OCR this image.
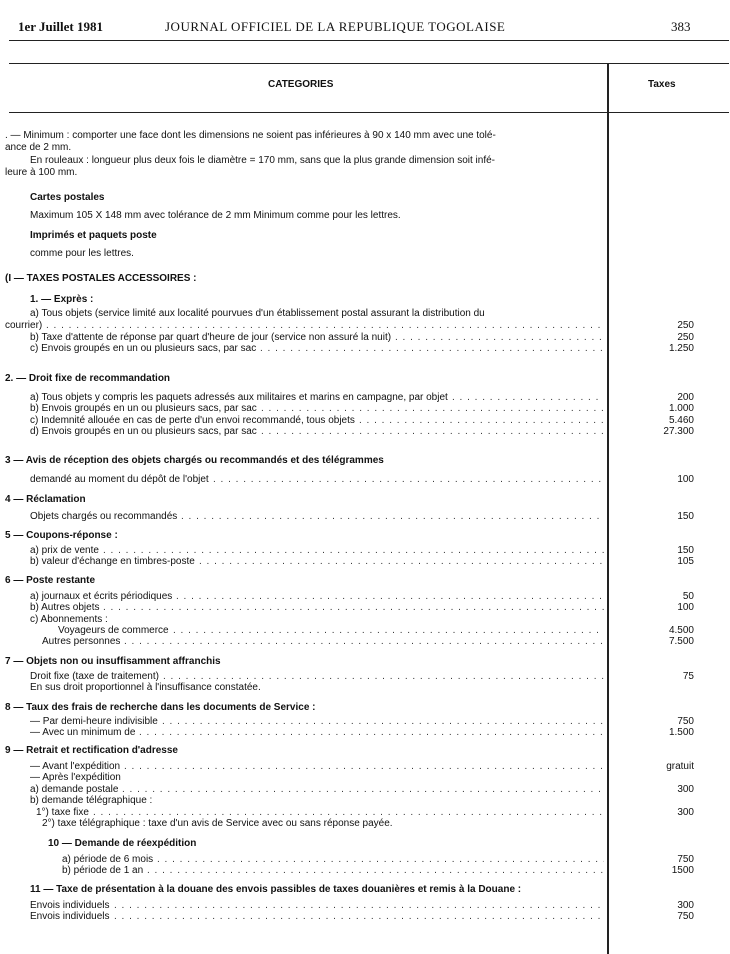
1er Juillet 1981	JOURNAL OFFICIEL DE LA REPUBLIQUE TOGOLAISE	383
CATEGORIES	Taxes
. — Minimum : comporter une face dont les dimensions ne soient pas inférieures à 90 x 140 mm avec une tolé-
ance de 2 mm.
En rouleaux : longueur plus deux fois le diamètre = 170 mm, sans que la plus grande dimension soit infé-
leure à 100 mm.
Cartes postales
Maximum 105 X 148 mm avec tolérance de 2 mm Minimum comme pour les lettres.
Imprimés et paquets poste
comme pour les lettres.
(I — TAXES POSTALES ACCESSOIRES :
1. — Exprès :
a) Tous objets (service limité aux localité pourvues d'un établissement postal assurant la distribution du
courrier) . . .	250
b) Taxe d'attente de réponse par quart d'heure de jour (service non assuré la nuit) . . .	250
c) Envois groupés en un ou plusieurs sacs, par sac . . .	1.250
2. — Droit fixe de recommandation
a) Tous objets y compris les paquets adressés aux militaires et marins en campagne, par objet . . .	200
b) Envois groupés en un ou plusieurs sacs, par sac . . .	1.000
c) Indemnité allouée en cas de perte d'un envoi recommandé, tous objets . . .	5.460
d) Envois groupés en un ou plusieurs sacs, par sac . . .	27.300
3 — Avis de réception des objets chargés ou recommandés et des télégrammes
demandé au moment du dépôt de l'objet . . .	100
4 — Réclamation
Objets chargés ou recommandés . . .	150
5 — Coupons-réponse :
a) prix de vente . . .	150
b) valeur d'échange en timbres-poste . . .	105
6 — Poste restante
a) journaux et écrits périodiques . . .	50
b) Autres objets . . .	100
c) Abonnements :
Voyageurs de commerce . . .	4.500
Autres personnes . . .	7.500
7 — Objets non ou insuffisamment affranchis
Droit fixe (taxe de traitement) . . .	75
En sus droit proportionnel à l'insuffisance constatée.
8 — Taux des frais de recherche dans les documents de Service :
— Par demi-heure indivisible . . .	750
— Avec un minimum de . . .	1.500
9 — Retrait et rectification d'adresse
— Avant l'expédition . . .	gratuit
— Après l'expédition
a) demande postale . . .	300
b) demande télégraphique :
1°) taxe fixe . . .	300
2°) taxe télégraphique : taxe d'un avis de Service avec ou sans réponse payée.
10 — Demande de réexpédition
a) période de 6 mois . . .	750
b) période de 1 an . . .	1500
11 — Taxe de présentation à la douane des envois passibles de taxes douanières et remis à la Douane :
Envois individuels . . .	300
Envois individuels . . .	750
